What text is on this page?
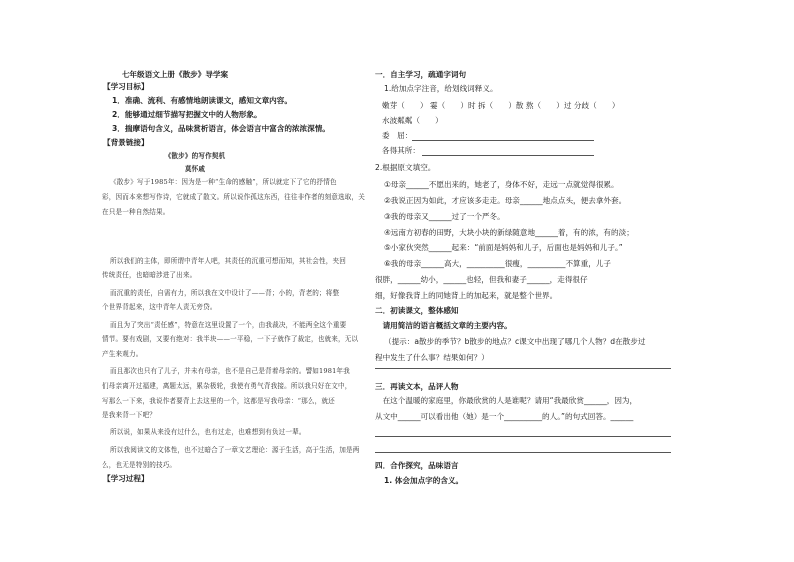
七年级语文上册《散步》导学案
【学习目标】
1．准确、流利、有感情地朗读课文，感知文章内容。
2．能够通过细节描写把握文中的人物形象。
3．揣摩语句含义，品味赏析语言，体会语言中富含的浓浓深情。
【背景链接】
《散步》的写作契机
莫怀戚
《散步》写于1985年：因为是一种“生命的感触”，所以就定下了它的抒情色
彩，因而本来想写作诗，它就成了散文。所以说作孤这东西，往往非作者的刻意选取，关
在只是一种自然结果。
所以我们的主体，即所谓中青年人吧，其责任的沉重可想而知，其社会性，夹回
传统责任，也暗暗涉进了出来。
而沉重的责任，自需有力，所以我在文中设计了——背；小的，背老的；将整
个世界背起来，这中青年人责无旁贷。
而且为了突出“责任感”，特意在这里设置了一个，由我裁决，不能两全这个重要
情节。要有戏剧，又要有绝对：我半块——一平稳，一下子就作了裁定，也就来，无以
产生来观力。
而且那次也只有了儿子，并未有母亲，也不是自己是背着母亲的。譬如1981年我
们母亲离开过福建，离题太远，累杂极轮，我使有勇气背我接。所以我只好在文中，
写那么一下来，我说作者要背上去这里的一个，这都是写我母亲：“那么，就还
是我来背一下吧？
所以说，如果从来没有过什么，也有过走，也难想到有负过一辈。
所以我阅读文的文体性，也不过暗合了一章文艺理论：源于生活，高于生活，加是两
么，也无是特别的技巧。
【学习过程】
一．自主学习，疏通字词句
1.给加点字注音，给划线词释义。
嫩芽（　　） 霎（　　）时 拆（　　）散 熬（　　）过 分歧（　　）
水波粼粼（　　）
委　屈：
各得其所：
2.根据原文填空。
①母亲______不愿出来的，她老了，身体不好，走远一点就觉得很累。
②我说正因为如此，才应该多走走。母亲______地点点头，便去拿外套。
③我的母亲又______过了一个严冬。
④远南方初春的田野，大块小块的新绿随意地______着，有的浓，有的淡；
⑤小家伙突然______起来：“前面是妈妈和儿子，后面也是妈妈和儿子。”
⑥我的母亲______高大，__________很瘦，__________不算重，儿子
很胖，______幼小，______也轻，但我和妻子______，走得很仔
细，好像我背上的同她背上的加起来，就是整个世界。
二．初读课文，整体感知
　请用简洁的语言概括文章的主要内容。
（提示：a散步的季节？b散步的地点？c课文中出现了哪几个人物？d在散步过
程中发生了什么事？结果如何？）
三．再读文本，品评人物
　在这个温暖的家庭里，你最欣赏的人是谁呢？请用“我最欣赏______，因为，
从文中______可以看出他（她）是一个__________的人。”的句式回答。______
四．合作探究，品味语言
1. 体会加点字的含义。
